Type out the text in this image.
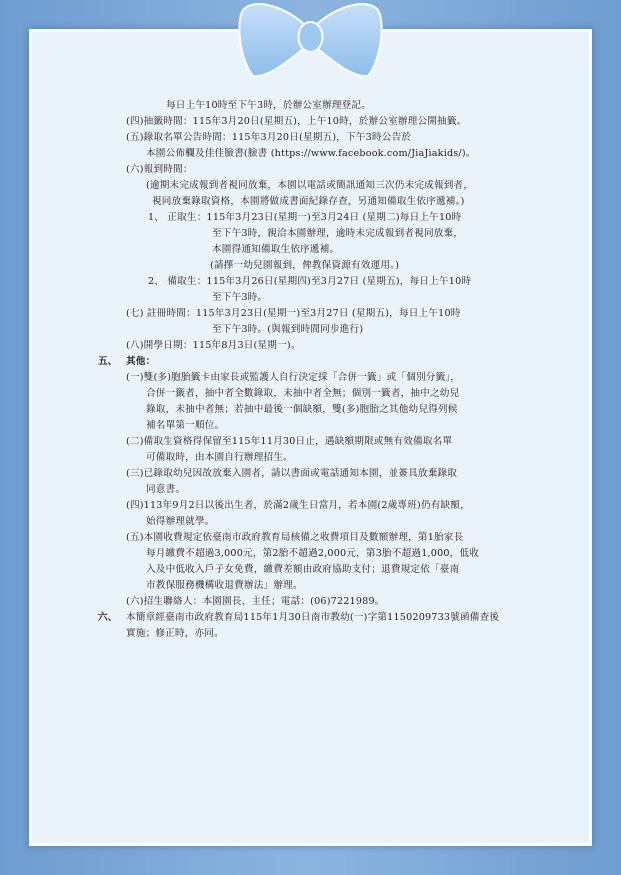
每日上午10時至下午3時，於辦公室辦理登記。
(四)抽籤時間：115年3月20日(星期五)，上午10時，於辦公室辦理公開抽籤。
(五)錄取名單公告時間：115年3月20日(星期五)，下午3時公告於
本園公佈欄及佳佳臉書(臉書 (https://www.facebook.com/JiaJiakids/)。
(六)報到時間：
(逾期未完成報到者視同放棄，本園以電話或簡訊通知三次仍未完成報到者，
視同放棄錄取資格，本園將做成書面紀錄存查，另通知備取生依序遞補。)
1、 正取生：115年3月23日(星期一)至3月24日 (星期二)每日上午10時
至下午3時，親洽本園辦理，逾時未完成報到者視同放棄，
本園得通知備取生依序遞補。
(請擇一幼兒園報到，俾教保資源有效運用。)
2、 備取生：115年3月26日(星期四)至3月27日 (星期五)，每日上午10時
至下午3時。
(七) 註冊時間：115年3月23日(星期一)至3月27日 (星期五)，每日上午10時
至下午3時。(與報到時間同步進行)
(八)開學日期：115年8月3日(星期一)。
五、 其他：
(一)雙(多)胞胎籤卡由家長或監護人自行決定採「合併一籤」或「個別分籤」，
合併一籤者，抽中者全數錄取，未抽中者全無；個別一籤者，抽中之幼兒
錄取，未抽中者無；若抽中最後一個缺額，雙(多)胞胎之其他幼兒得列候
補名單第一順位。
(二)備取生資格得保留至115年11月30日止，遇缺額期限或無有效備取名單
可備取時，由本園自行辦理招生。
(三)已錄取幼兒因故放棄入園者，請以書面或電話通知本園，並簽具放棄錄取
同意書。
(四)113年9月2日以後出生者，於滿2歲生日當月，若本園(2歲專班)仍有缺額，
始得辦理就學。
(五)本園收費規定依臺南市政府教育局核備之收費項目及數額辦理，第1胎家長
每月繳費不超過3,000元，第2胎不超過2,000元，第3胎不超過1,000，低收
入及中低收入戶子女免費，繳費差額由政府協助支付；退費規定依「臺南
市教保服務機構收退費辦法」辦理。
(六)招生聯絡人：本園園長、主任；電話：(06)7221989。
六、 本簡章經臺南市政府教育局115年1月30日南市教幼(一)字第1150209733號函備查後
實施；修正時，亦同。
